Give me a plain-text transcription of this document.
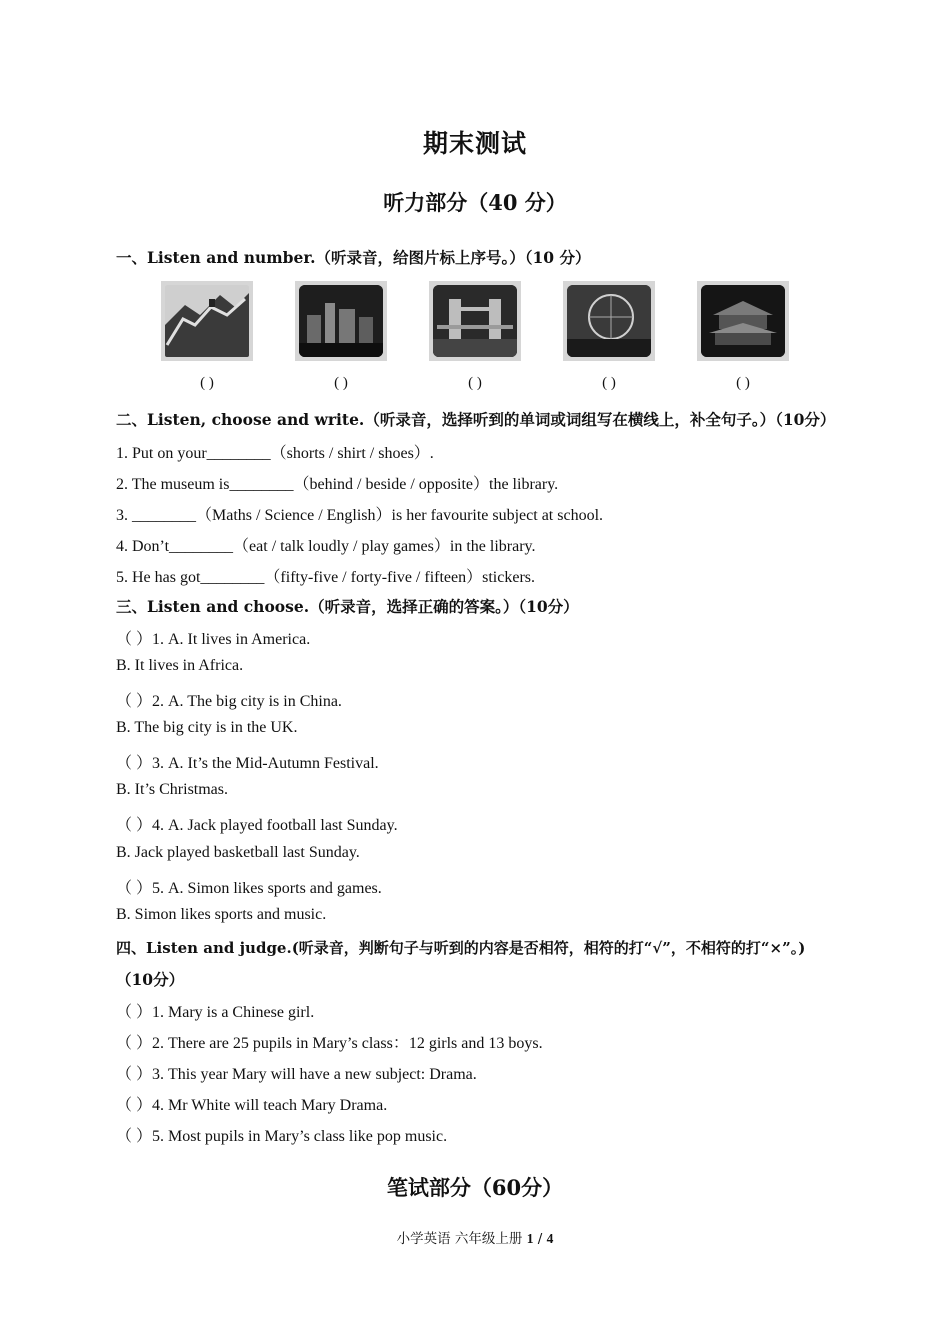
期末测试
听力部分（40 分）
一、Listen and number.（听录音，给图片标上序号。）（10 分）
( )	( )	( )	( )	( )
二、Listen, choose and write.（听录音，选择听到的单词或词组写在横线上，补全句子。）（10分）
1. Put on your________（shorts / shirt / shoes）.
2. The museum is________（behind / beside / opposite）the library.
3. ________（Maths / Science / English）is her favourite subject at school.
4. Don’t________（eat / talk loudly / play games）in the library.
5. He has got________（fifty-five / forty-five / fifteen）stickers.
三、Listen and choose.（听录音，选择正确的答案。）（10分）
（ ）1. A. It lives in America.
B. It lives in Africa.
（ ）2. A. The big city is in China.
B. The big city is in the UK.
（ ）3. A. It’s the Mid-Autumn Festival.
B. It’s Christmas.
（ ）4. A. Jack played football last Sunday.
B. Jack played basketball last Sunday.
（ ）5. A. Simon likes sports and games.
B. Simon likes sports and music.
四、Listen and judge.(听录音，判断句子与听到的内容是否相符，相符的打“√”，不相符的打“×”。)
（10分）
（ ）1. Mary is a Chinese girl.
（ ）2. There are 25 pupils in Mary’s class：12 girls and 13 boys.
（ ）3. This year Mary will have a new subject: Drama.
（ ）4. Mr White will teach Mary Drama.
（ ）5. Most pupils in Mary’s class like pop music.
笔试部分（60分）
小学英语 六年级上册 1 / 4
